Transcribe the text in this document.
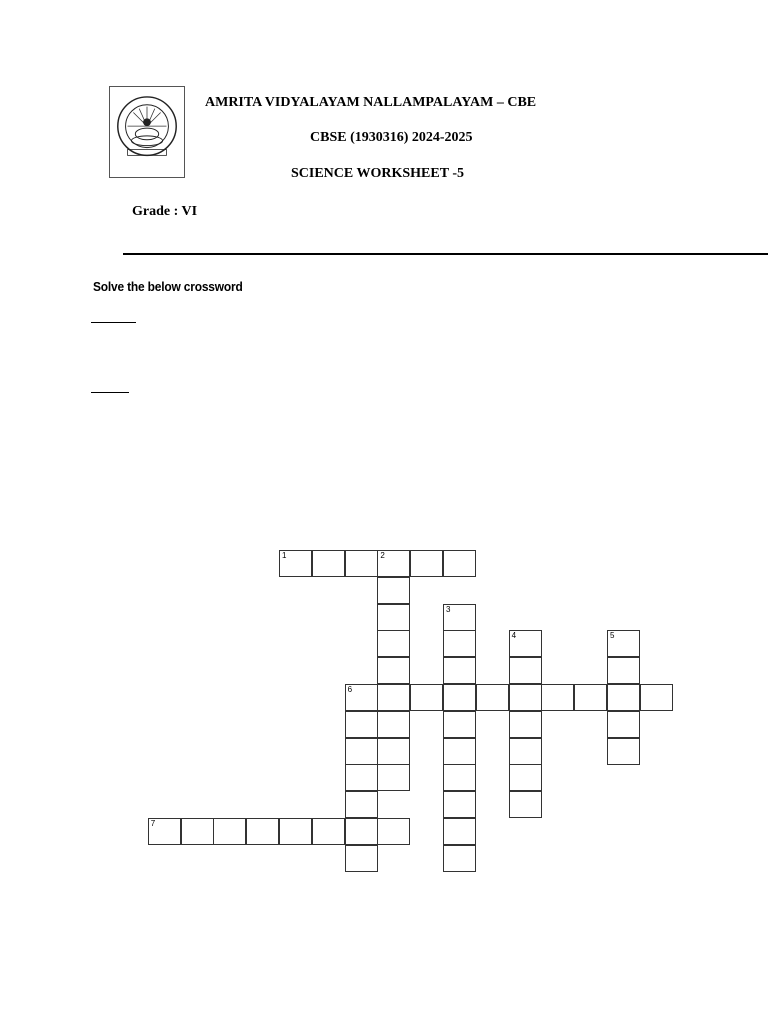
AMRITA VIDYALAYAM NALLAMPALAYAM – CBE
CBSE (1930316) 2024-2025
SCIENCE WORKSHEET -5
Grade : VI
Solve the below crossword
1	2
3
4	5
6
7
